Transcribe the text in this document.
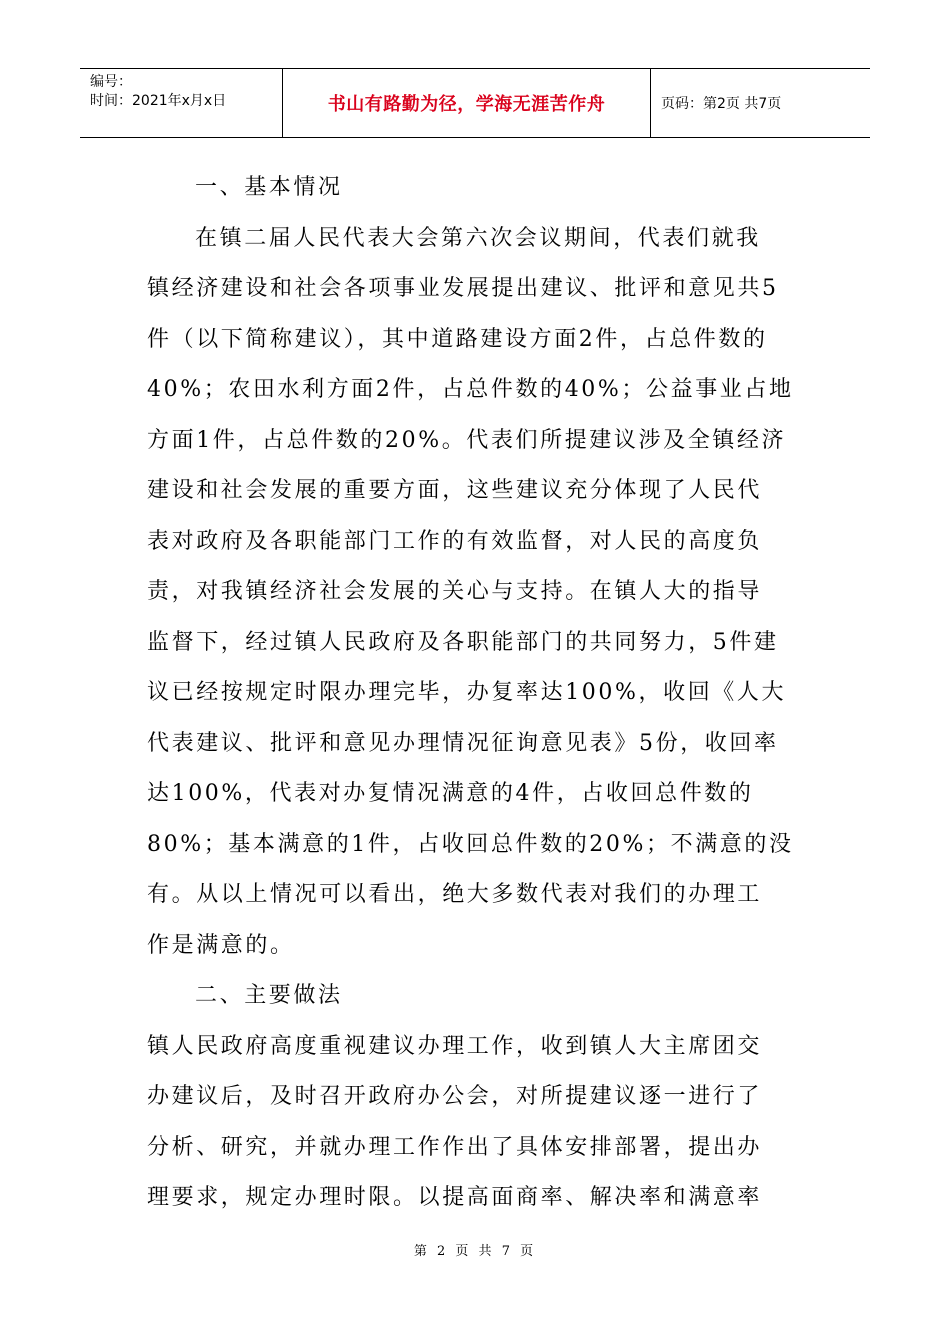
编号：
时间：2021年x月x日	书山有路勤为径，学海无涯苦作舟	页码：第2页 共7页
一、基本情况
在镇二届人民代表大会第六次会议期间，代表们就我
镇经济建设和社会各项事业发展提出建议、批评和意见共5
件（以下简称建议），其中道路建设方面2件，占总件数的
40%；农田水利方面2件，占总件数的40%；公益事业占地
方面1件，占总件数的20%。代表们所提建议涉及全镇经济
建设和社会发展的重要方面，这些建议充分体现了人民代
表对政府及各职能部门工作的有效监督，对人民的高度负
责，对我镇经济社会发展的关心与支持。在镇人大的指导
监督下，经过镇人民政府及各职能部门的共同努力，5件建
议已经按规定时限办理完毕，办复率达100%，收回《人大
代表建议、批评和意见办理情况征询意见表》5份，收回率
达100%，代表对办复情况满意的4件，占收回总件数的
80%；基本满意的1件，占收回总件数的20%；不满意的没
有。从以上情况可以看出，绝大多数代表对我们的办理工
作是满意的。
二、主要做法
镇人民政府高度重视建议办理工作，收到镇人大主席团交
办建议后，及时召开政府办公会，对所提建议逐一进行了
分析、研究，并就办理工作作出了具体安排部署，提出办
理要求，规定办理时限。以提高面商率、解决率和满意率
第 2 页 共 7 页
